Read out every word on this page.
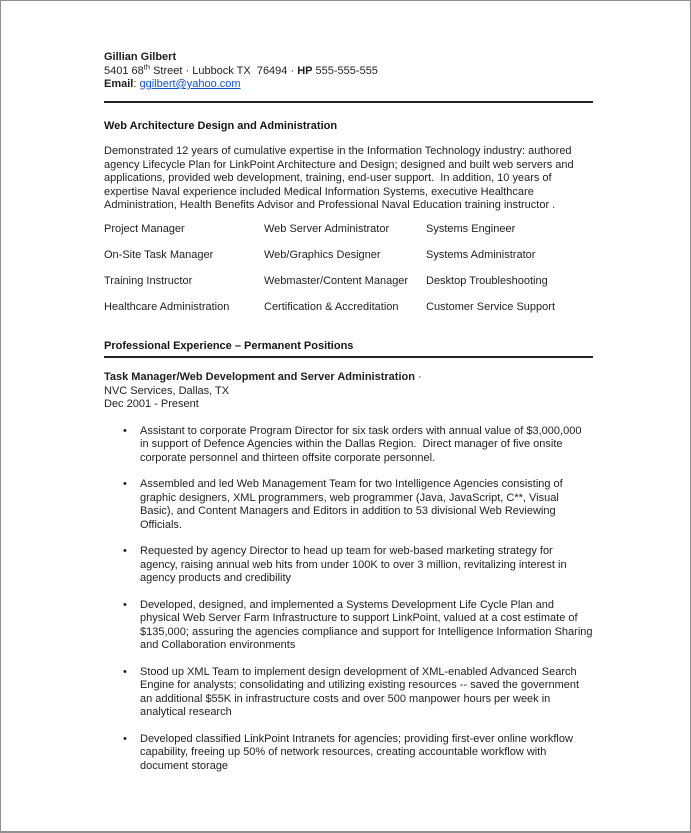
Gillian Gilbert
5401 68th Street · Lubbock TX  76494 · HP 555-555-555
Email: ggilbert@yahoo.com
Web Architecture Design and Administration
Demonstrated 12 years of cumulative expertise in the Information Technology industry: authored agency Lifecycle Plan for LinkPoint Architecture and Design; designed and built web servers and applications, provided web development, training, end-user support.  In addition, 10 years of expertise Naval experience included Medical Information Systems, executive Healthcare Administration, Health Benefits Advisor and Professional Naval Education training instructor .
Project Manager	Web Server Administrator	Systems Engineer
On-Site Task Manager	Web/Graphics Designer	Systems Administrator
Training Instructor	Webmaster/Content Manager	Desktop Troubleshooting
Healthcare Administration	Certification & Accreditation	Customer Service Support
Professional Experience – Permanent Positions
Task Manager/Web Development and Server Administration ·
NVC Services, Dallas, TX
Dec 2001 - Present
• Assistant to corporate Program Director for six task orders with annual value of $3,000,000 in support of Defence Agencies within the Dallas Region.  Direct manager of five onsite corporate personnel and thirteen offsite corporate personnel.
• Assembled and led Web Management Team for two Intelligence Agencies consisting of graphic designers, XML programmers, web programmer (Java, JavaScript, C**, Visual Basic), and Content Managers and Editors in addition to 53 divisional Web Reviewing Officials.
• Requested by agency Director to head up team for web-based marketing strategy for agency, raising annual web hits from under 100K to over 3 million, revitalizing interest in agency products and credibility
• Developed, designed, and implemented a Systems Development Life Cycle Plan and physical Web Server Farm Infrastructure to support LinkPoint, valued at a cost estimate of $135,000; assuring the agencies compliance and support for Intelligence Information Sharing and Collaboration environments
• Stood up XML Team to implement design development of XML-enabled Advanced Search Engine for analysts; consolidating and utilizing existing resources -- saved the government an additional $55K in infrastructure costs and over 500 manpower hours per week in analytical research
• Developed classified LinkPoint Intranets for agencies; providing first-ever online workflow capability, freeing up 50% of network resources, creating accountable workflow with document storage
